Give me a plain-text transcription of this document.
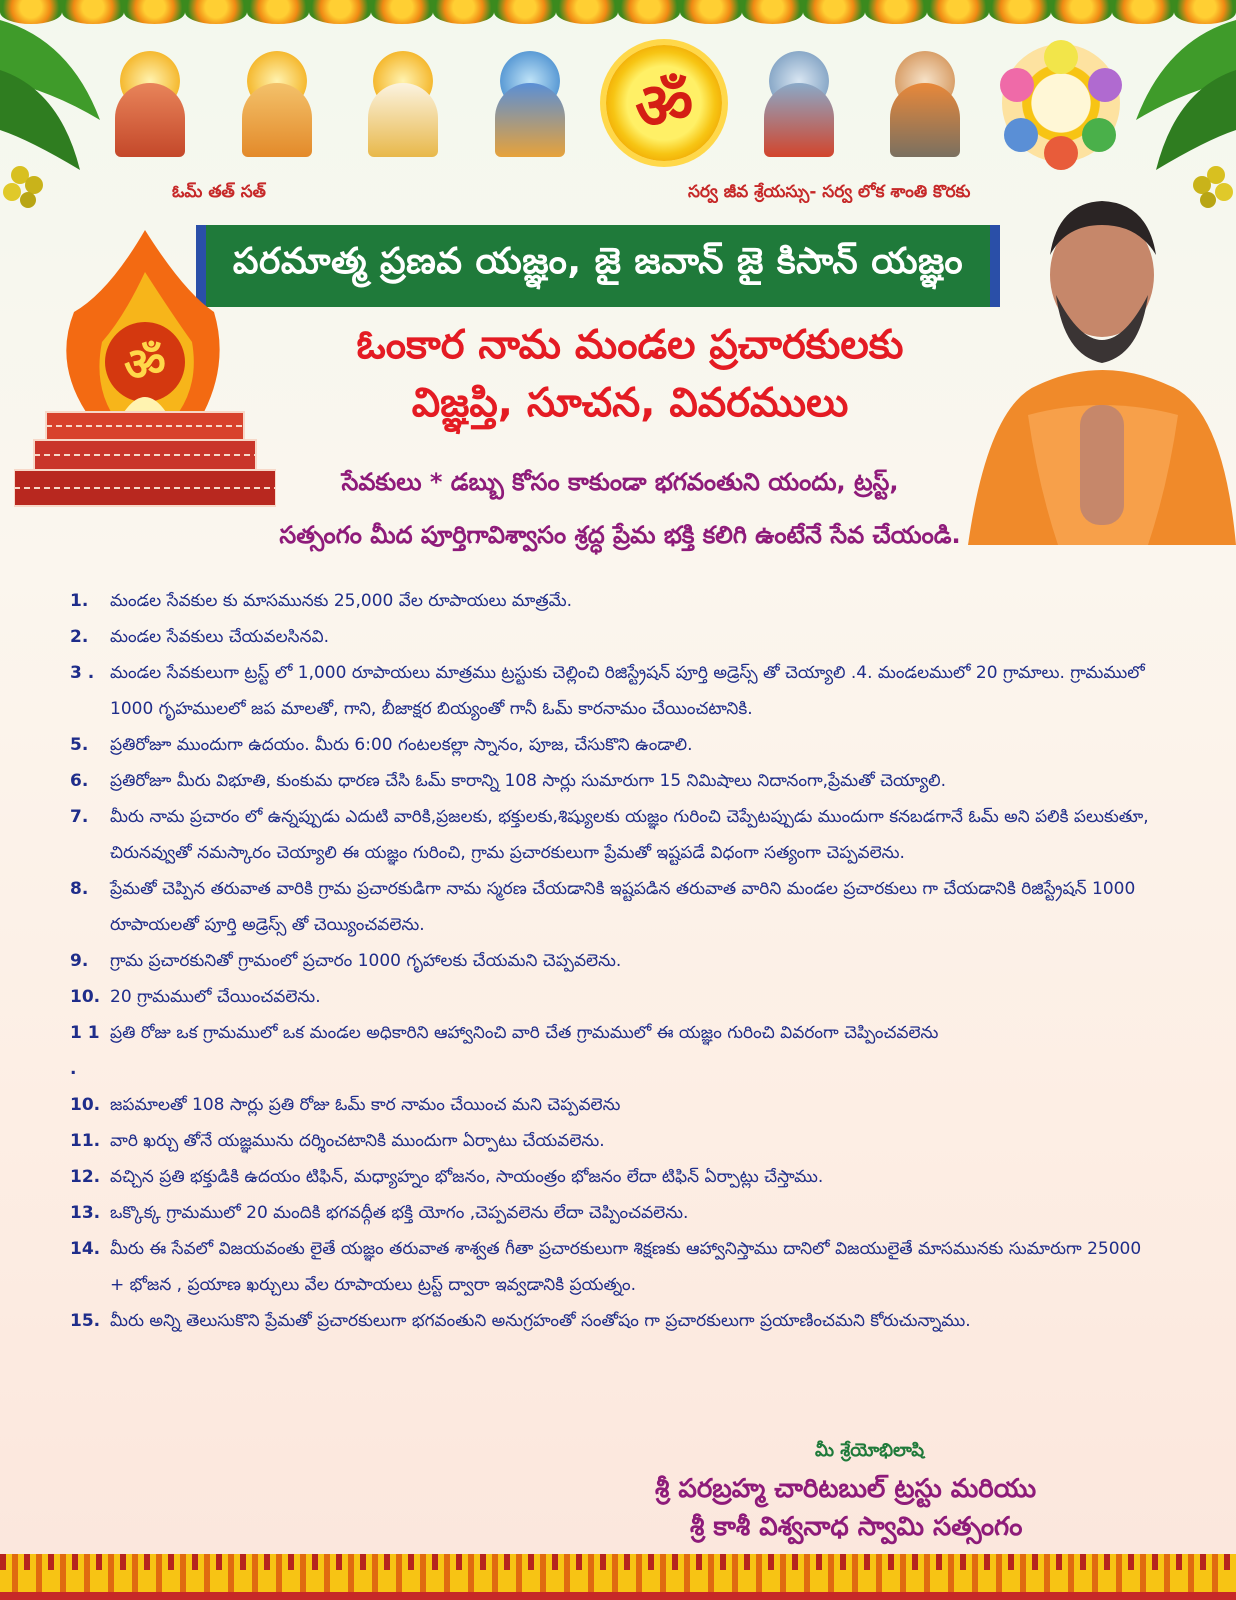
ॐ
ఓమ్ తత్ సత్	సర్వ జీవ శ్రేయస్సు- సర్వ లోక శాంతి కొరకు
పరమాత్మ ప్రణవ యజ్ఞం, జై జవాన్ జై కిసాన్ యజ్ఞం
ॐ	ఓంకార నామ మండల ప్రచారకులకు
విజ్ఞప్తి, సూచన, వివరములు
సేవకులు * డబ్బు కోసం కాకుండా భగవంతుని యందు, ట్రస్ట్,
సత్సంగం మీద పూర్తిగావిశ్వాసం శ్రద్ధ ప్రేమ భక్తి కలిగి ఉంటేనే సేవ చేయండి.
1.	మండల సేవకుల కు మాసమునకు 25,000 వేల రూపాయలు మాత్రమే.
2.	మండల సేవకులు చేయవలసినవి.
3 . మండల సేవకులుగా ట్రస్ట్ లో 1,000 రూపాయలు మాత్రము ట్రస్టుకు చెల్లించి రిజిస్ట్రేషన్ పూర్తి అడ్రెస్స్ తో చెయ్యాలి .4. మండలములో 20 గ్రామాలు. గ్రామములో 1000 గృహములలో జప మాలతో, గాని, బీజాక్షర బియ్యంతో గానీ ఓమ్ కారనామం చేయించటానికి.
5.	ప్రతిరోజూ ముందుగా ఉదయం. మీరు 6:00 గంటలకల్లా స్నానం, పూజ, చేసుకొని ఉండాలి.
6.	ప్రతిరోజూ మీరు విభూతి, కుంకుమ ధారణ చేసి ఓమ్ కారాన్ని 108 సార్లు సుమారుగా 15 నిమిషాలు నిదానంగా,ప్రేమతో చెయ్యాలి.
7.	మీరు నామ ప్రచారం లో ఉన్నప్పుడు ఎదుటి వారికి,ప్రజలకు, భక్తులకు,శిష్యులకు యజ్ఞం గురించి చెప్పేటప్పుడు ముందుగా కనబడగానే ఓమ్ అని పలికి పలుకుతూ, చిరునవ్వుతో నమస్కారం చెయ్యాలి ఈ యజ్ఞం గురించి, గ్రామ ప్రచారకులుగా ప్రేమతో ఇష్టపడే విధంగా సత్యంగా చెప్పవలెను.
8.	ప్రేమతో చెప్పిన తరువాత వారికి గ్రామ ప్రచారకుడిగా నామ స్మరణ చేయడానికి ఇష్టపడిన తరువాత వారిని మండల ప్రచారకులు గా చేయడానికి రిజిస్ట్రేషన్ 1000 రూపాయలతో పూర్తి అడ్రెస్స్ తో చెయ్యించవలెను.
9.	గ్రామ ప్రచారకునితో గ్రామంలో ప్రచారం 1000 గృహాలకు చేయమని చెప్పవలెను.
10. 20 గ్రామములో చేయించవలెను.
1 1 .
ప్రతి రోజు ఒక గ్రామములో ఒక మండల అధికారిని ఆహ్వానించి వారి చేత గ్రామములో ఈ యజ్ఞం గురించి వివరంగా చెప్పించవలెను
10. జపమాలతో 108 సార్లు ప్రతి రోజు ఓమ్ కార నామం చేయించ మని చెప్పవలెను
11. వారి ఖర్చు తోనే యజ్ఞమును దర్శించటానికి ముందుగా ఏర్పాటు చేయవలెను.
12. వచ్చిన ప్రతి భక్తుడికి ఉదయం టిఫిన్, మధ్యాహ్నం భోజనం, సాయంత్రం భోజనం లేదా టిఫిన్ ఏర్పాట్లు చేస్తాము.
13. ఒక్కొక్క గ్రామములో 20 మందికి భగవద్గీత భక్తి యోగం ,చెప్పవలెను లేదా చెప్పించవలెను.
14. మీరు ఈ సేవలో విజయవంతు లైతే యజ్ఞం తరువాత శాశ్వత గీతా ప్రచారకులుగా శిక్షణకు ఆహ్వానిస్తాము దానిలో విజయులైతే మాసమునకు సుమారుగా 25000 + భోజన , ప్రయాణ ఖర్చులు వేల రూపాయలు ట్రస్ట్ ద్వారా ఇవ్వడానికి ప్రయత్నం.
15. మీరు అన్ని తెలుసుకొని ప్రేమతో ప్రచారకులుగా భగవంతుని అనుగ్రహంతో సంతోషం గా ప్రచారకులుగా ప్రయాణించమని కోరుచున్నాము.
మీ శ్రేయోభిలాషి
శ్రీ పరబ్రహ్మ చారిటబుల్ ట్రస్టు మరియు
శ్రీ కాశీ విశ్వనాధ స్వామి సత్సంగం
